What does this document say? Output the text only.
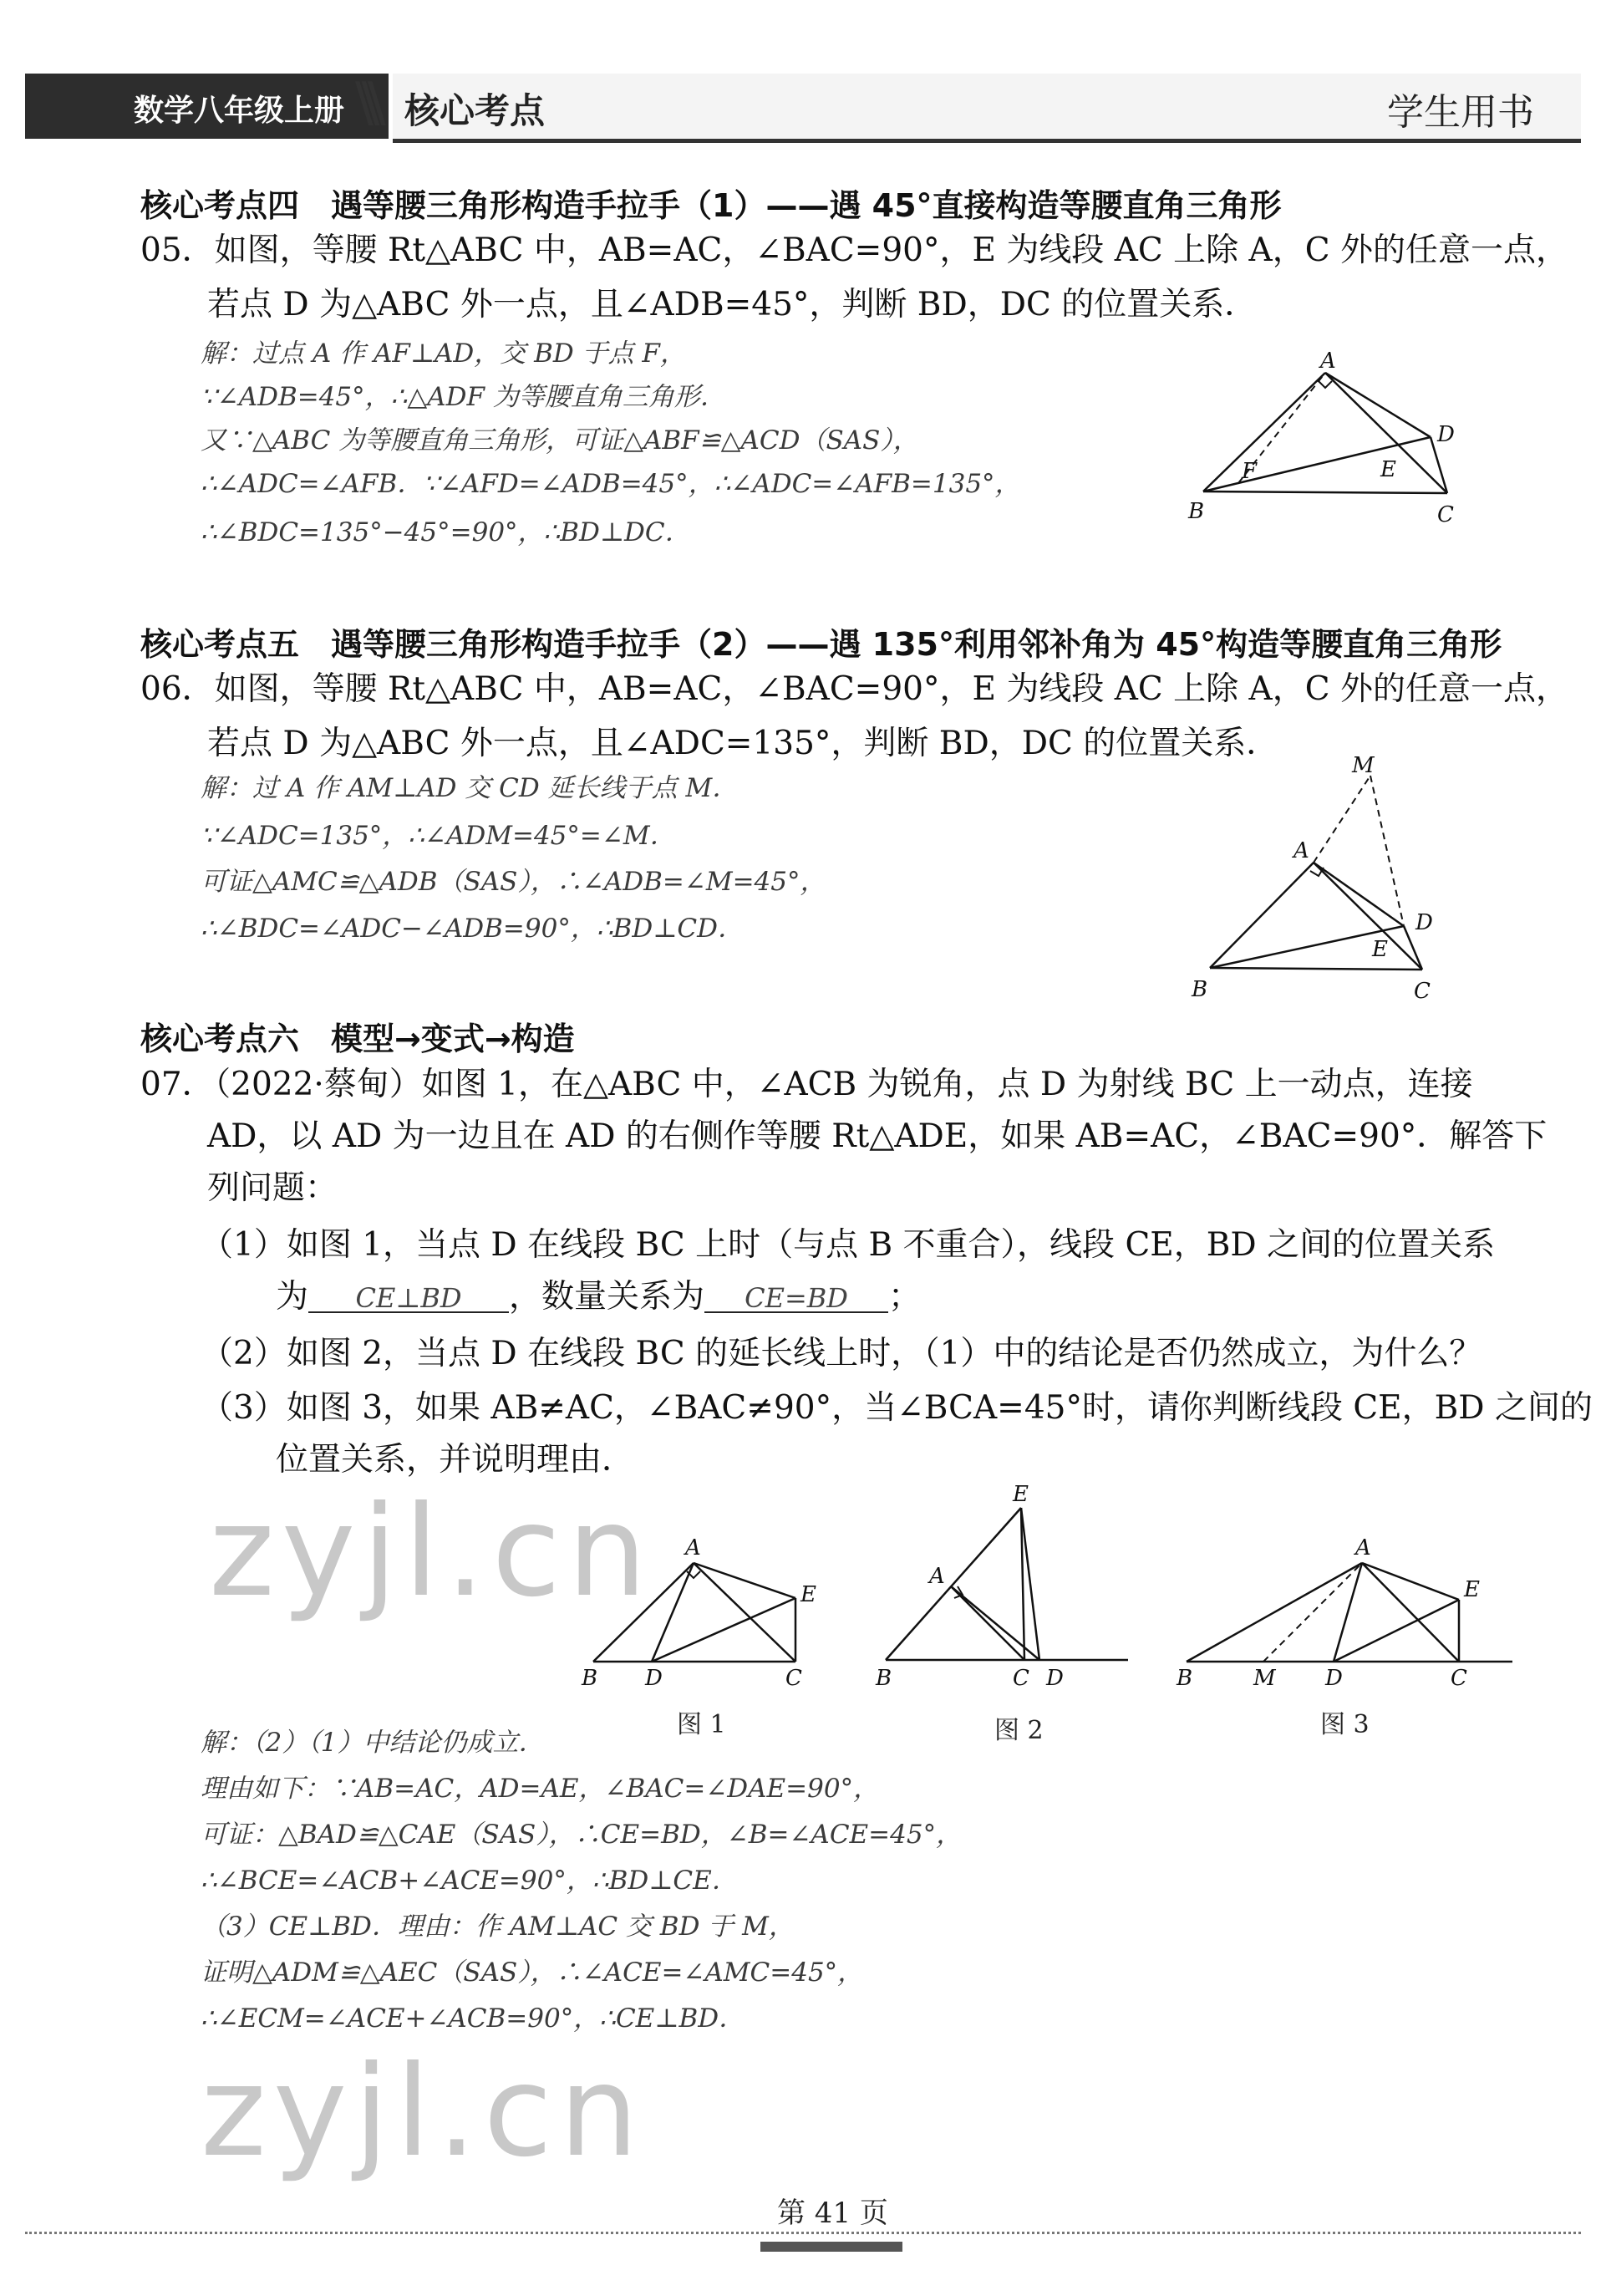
数学八年级上册 \\\ 核心考点	学生用书
核心考点四　遇等腰三角形构造手拉手（1）——遇 45°直接构造等腰直角三角形
05．如图，等腰 Rt△ABC 中，AB=AC，∠BAC=90°，E 为线段 AC 上除 A，C 外的任意一点，
若点 D 为△ABC 外一点，且∠ADB=45°，判断 BD，DC 的位置关系．
解：过点 A 作 AF⊥AD，交 BD 于点 F，
∵∠ADB=45°，∴△ADF 为等腰直角三角形．
又∵△ABC 为等腰直角三角形，可证△ABF≌△ACD（SAS），
∴∠ADC=∠AFB．∵∠AFD=∠ADB=45°，∴∠ADC=∠AFB=135°，
∴∠BDC=135°−45°=90°，∴BD⊥DC．
A
B	C
D
E
F
核心考点五　遇等腰三角形构造手拉手（2）——遇 135°利用邻补角为 45°构造等腰直角三角形
06．如图，等腰 Rt△ABC 中，AB=AC，∠BAC=90°，E 为线段 AC 上除 A，C 外的任意一点，
若点 D 为△ABC 外一点，且∠ADC=135°，判断 BD，DC 的位置关系．
解：过 A 作 AM⊥AD 交 CD 延长线于点 M．
∵∠ADC=135°，∴∠ADM=45°=∠M．
可证△AMC≌△ADB（SAS），∴∠ADB=∠M=45°，
∴∠BDC=∠ADC−∠ADB=90°，∴BD⊥CD．
M
A
B	C
D
E
核心考点六　模型→变式→构造
07．（2022·蔡甸）如图 1，在△ABC 中，∠ACB 为锐角，点 D 为射线 BC 上一动点，连接
AD，以 AD 为一边且在 AD 的右侧作等腰 Rt△ADE，如果 AB=AC，∠BAC=90°．解答下
列问题：
（1）如图 1，当点 D 在线段 BC 上时（与点 B 不重合），线段 CE，BD 之间的位置关系
为 CE⊥BD ，数量关系为 CE=BD ；
（2）如图 2，当点 D 在线段 BC 的延长线上时，（1）中的结论是否仍然成立，为什么？
（3）如图 3，如果 AB≠AC，∠BAC≠90°，当∠BCA=45°时，请你判断线段 CE，BD 之间的
位置关系，并说明理由．
zyjl.cn A
B D	C
E
图 1
E
A
B	C D
图 2
A
B	M D	C
E
图 3
解：（2）（1）中结论仍成立．
理由如下：∵AB=AC，AD=AE，∠BAC=∠DAE=90°，
可证：△BAD≌△CAE（SAS），∴CE=BD，∠B=∠ACE=45°，
∴∠BCE=∠ACB+∠ACE=90°，∴BD⊥CE．
（3）CE⊥BD．理由：作 AM⊥AC 交 BD 于 M，
证明△ADM≌△AEC（SAS），∴∠ACE=∠AMC=45°，
∴∠ECM=∠ACE+∠ACB=90°，∴CE⊥BD．
zyjl.cn
第 41 页
